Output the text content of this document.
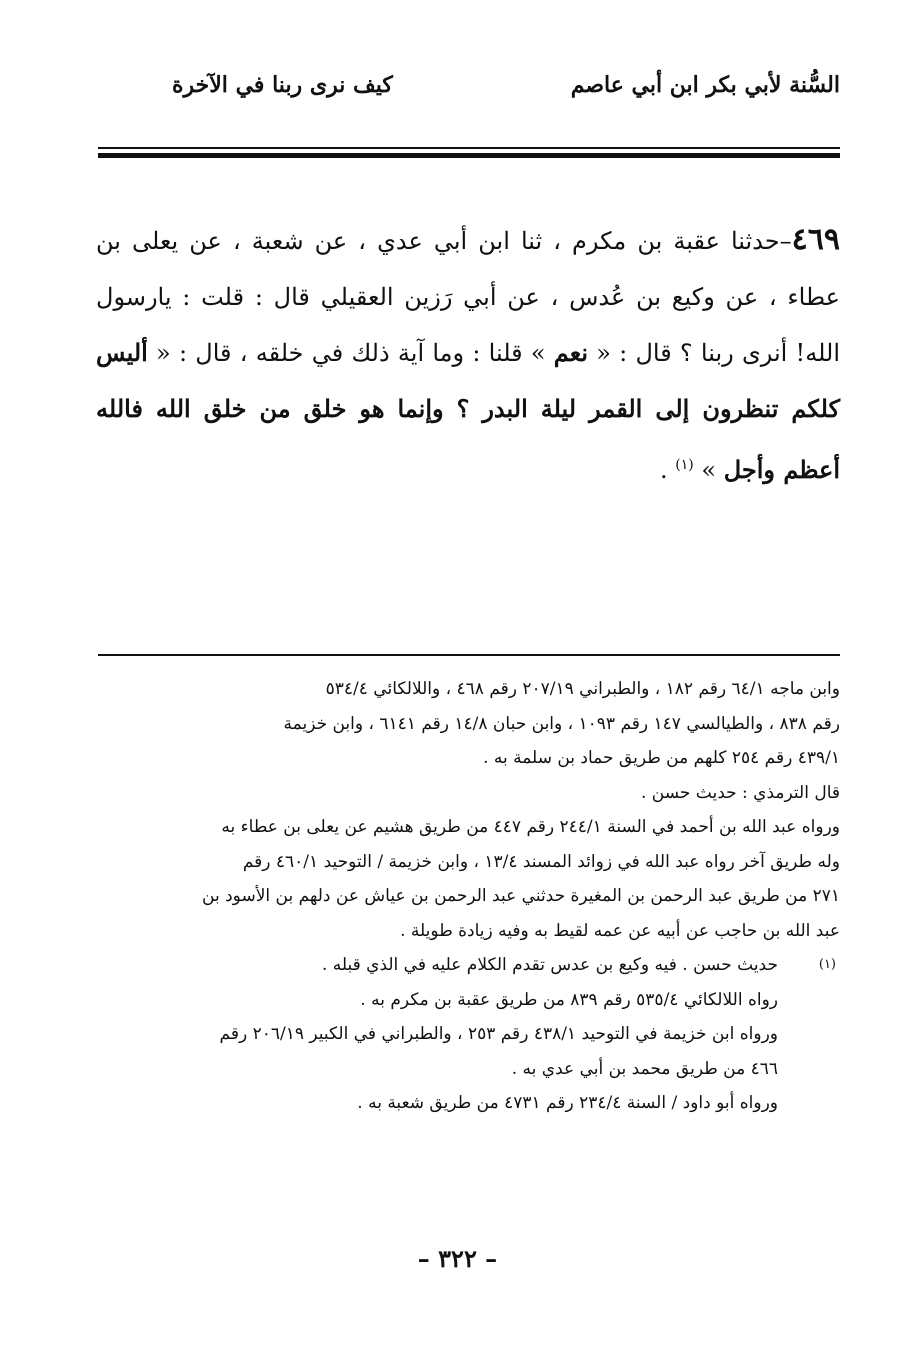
السُّنة لأبي بكر ابن أبي عاصم
كيف نرى ربنا في الآخرة
٤٦٩–حدثنا عقبة بن مكرم ، ثنا ابن أبي عدي ، عن شعبة ، عن يعلى بن عطاء ، عن وكيع بن عُدس ، عن أبي رَزين العقيلي قال : قلت : يارسول الله! أنرى ربنا ؟ قال : « نعم » قلنا : وما آية ذلك في خلقه ، قال : « أليس كلكم تنظرون إلى القمر ليلة البدر ؟ وإنما هو خلق من خلق الله فالله أعظم وأجل » $^{(١)}$ .
وابن ماجه ٦٤/١ رقم ١٨٢ ، والطبراني ٢٠٧/١٩ رقم ٤٦٨ ، واللالكائي ٥٣٤/٤
رقم ٨٣٨ ، والطيالسي ١٤٧ رقم ١٠٩٣ ، وابن حبان ١٤/٨ رقم ٦١٤١ ، وابن خزيمة
٤٣٩/١ رقم ٢٥٤ كلهم من طريق حماد بن سلمة به .
قال الترمذي : حديث حسن .
ورواه عبد الله بن أحمد في السنة ٢٤٤/١ رقم ٤٤٧ من طريق هشيم عن يعلى بن عطاء به
وله طريق آخر رواه عبد الله في زوائد المسند ١٣/٤ ، وابن خزيمة / التوحيد ٤٦٠/١ رقم
٢٧١ من طريق عبد الرحمن بن المغيرة حدثني عبد الرحمن بن عياش عن دلهم بن الأسود بن
عبد الله بن حاجب عن أبيه عن عمه لقيط به وفيه زيادة طويلة .
(١)
حديث حسن . فيه وكيع بن عدس تقدم الكلام عليه في الذي قبله .
رواه اللالكائي ٥٣٥/٤ رقم ٨٣٩ من طريق عقبة بن مكرم به .
ورواه ابن خزيمة في التوحيد ٤٣٨/١ رقم ٢٥٣ ، والطبراني في الكبير ٢٠٦/١٩ رقم
٤٦٦ من طريق محمد بن أبي عدي به .
ورواه أبو داود / السنة ٢٣٤/٤ رقم ٤٧٣١ من طريق شعبة به .
– ٣٢٢ –
